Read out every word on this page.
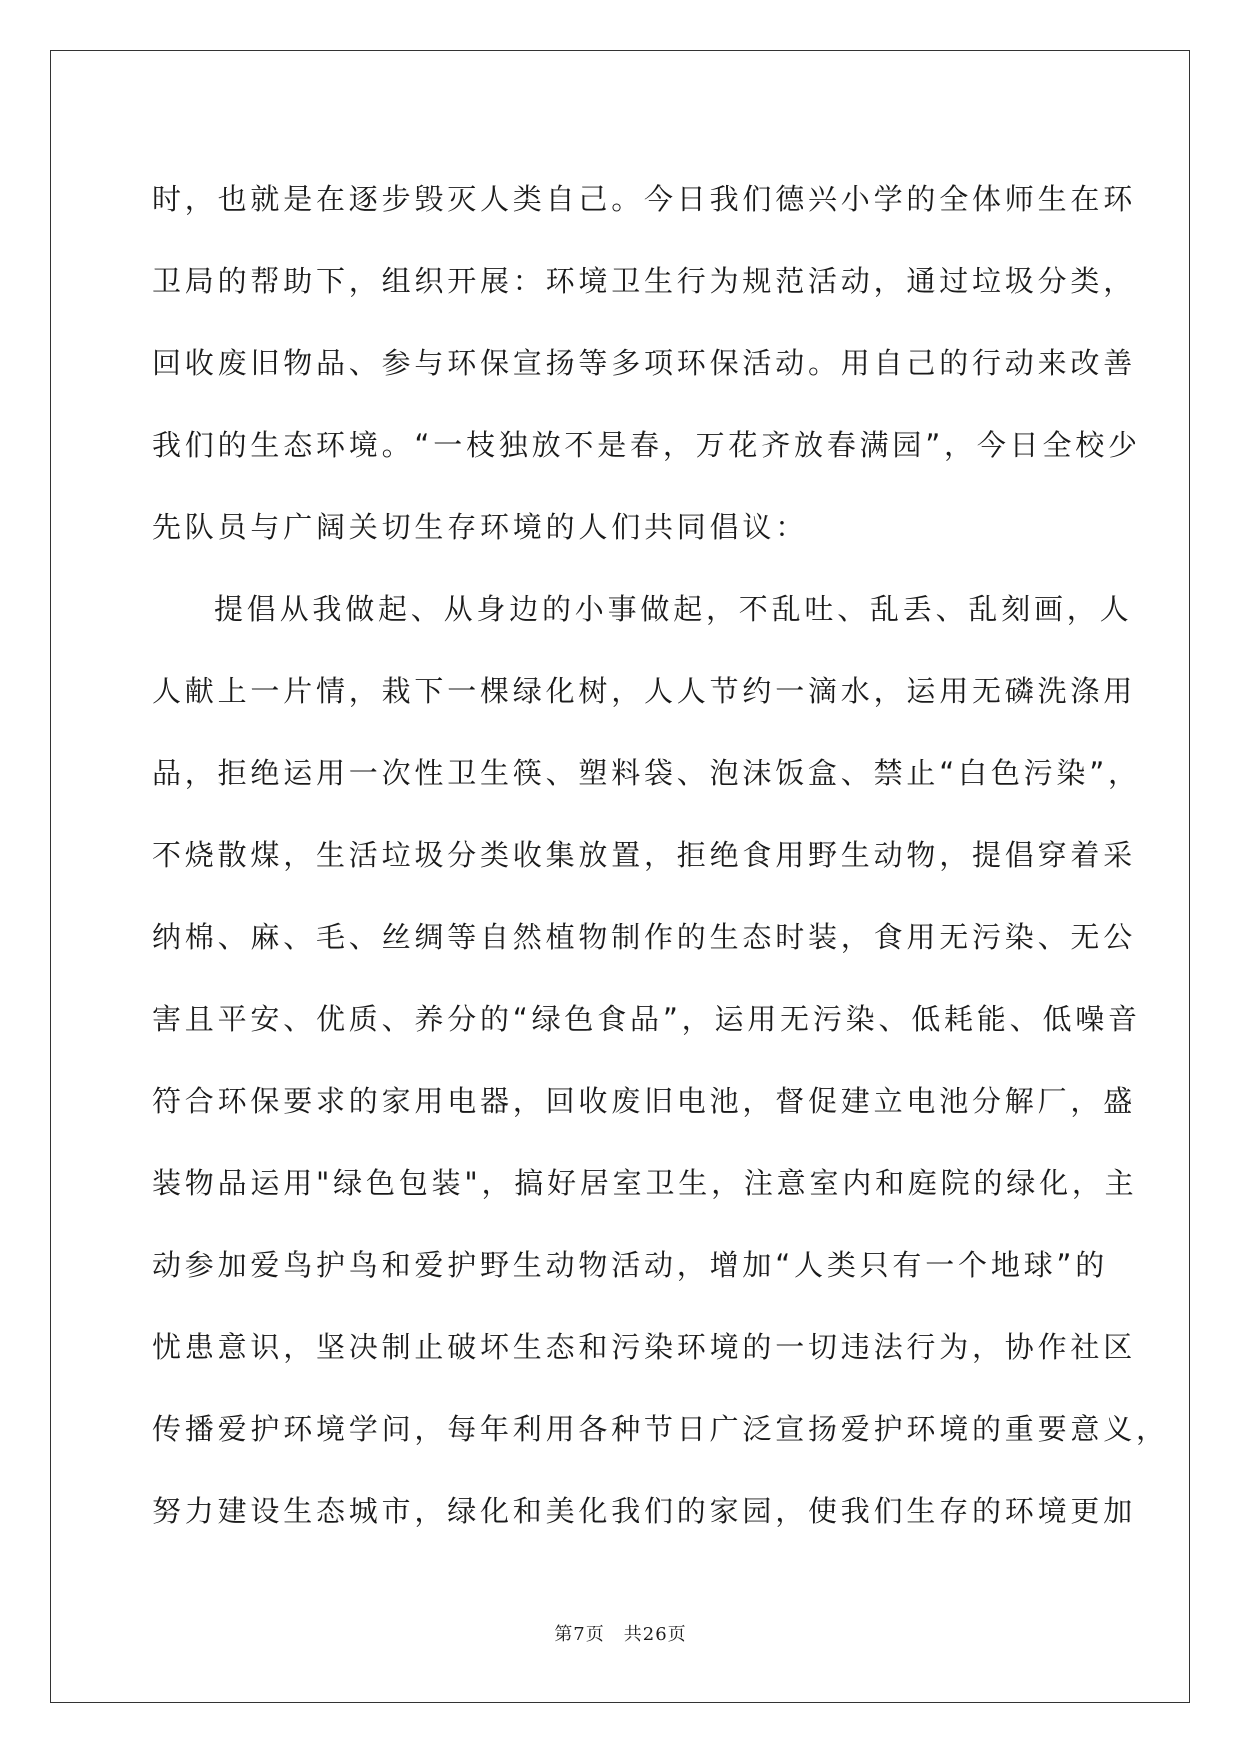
时，也就是在逐步毁灭人类自己。今日我们德兴小学的全体师生在环
卫局的帮助下，组织开展：环境卫生行为规范活动，通过垃圾分类，
回收废旧物品、参与环保宣扬等多项环保活动。用自己的行动来改善
我们的生态环境。“一枝独放不是春，万花齐放春满园”，今日全校少
先队员与广阔关切生存环境的人们共同倡议：
提倡从我做起、从身边的小事做起，不乱吐、乱丢、乱刻画，人
人献上一片情，栽下一棵绿化树，人人节约一滴水，运用无磷洗涤用
品，拒绝运用一次性卫生筷、塑料袋、泡沫饭盒、禁止“白色污染”，
不烧散煤，生活垃圾分类收集放置，拒绝食用野生动物，提倡穿着采
纳棉、麻、毛、丝绸等自然植物制作的生态时装，食用无污染、无公
害且平安、优质、养分的“绿色食品”，运用无污染、低耗能、低噪音
符合环保要求的家用电器，回收废旧电池，督促建立电池分解厂，盛
装物品运用"绿色包装"，搞好居室卫生，注意室内和庭院的绿化，主
动参加爱鸟护鸟和爱护野生动物活动，增加“人类只有一个地球”的
忧患意识，坚决制止破坏生态和污染环境的一切违法行为，协作社区
传播爱护环境学问，每年利用各种节日广泛宣扬爱护环境的重要意义，
努力建设生态城市，绿化和美化我们的家园，使我们生存的环境更加
第7页　共26页
